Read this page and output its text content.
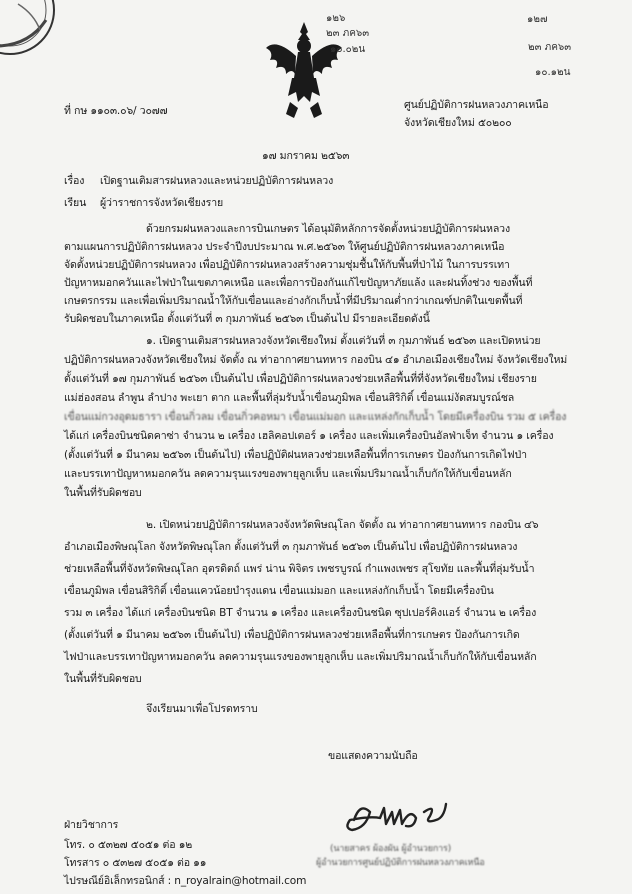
๑๒๖
๒๓ ภค๖๓
๑๐.๐๒น
๑๒๗
๒๓ ภค๖๓
๑๐.๑๒น
ที่ กษ ๑๑๐๓.๐๖/ ว๐๗๗	ศูนย์ปฏิบัติการฝนหลวงภาคเหนือ
จังหวัดเชียงใหม่ ๕๐๒๐๐
๑๗ มกราคม ๒๕๖๓
เรื่อง เปิดฐานเติมสารฝนหลวงและหน่วยปฏิบัติการฝนหลวง
เรียน ผู้ว่าราชการจังหวัดเชียงราย
ด้วยกรมฝนหลวงและการบินเกษตร ได้อนุมัติหลักการจัดตั้งหน่วยปฏิบัติการฝนหลวง
ตามแผนการปฏิบัติการฝนหลวง ประจำปีงบประมาณ พ.ศ.๒๕๖๓ ให้ศูนย์ปฏิบัติการฝนหลวงภาคเหนือ
จัดตั้งหน่วยปฏิบัติการฝนหลวง เพื่อปฏิบัติการฝนหลวงสร้างความชุ่มชื้นให้กับพื้นที่ป่าไม้ ในการบรรเทา
ปัญหาหมอกควันและไฟป่าในเขตภาคเหนือ และเพื่อการป้องกันแก้ไขปัญหาภัยแล้ง และฝนทิ้งช่วง ของพื้นที่
เกษตรกรรม และเพื่อเพิ่มปริมาณน้ำให้กับเขื่อนและอ่างกักเก็บน้ำที่มีปริมาณต่ำกว่าเกณฑ์ปกติในเขตพื้นที่
รับผิดชอบในภาคเหนือ ตั้งแต่วันที่ ๓ กุมภาพันธ์ ๒๕๖๓ เป็นต้นไป มีรายละเอียดดังนี้
๑. เปิดฐานเติมสารฝนหลวงจังหวัดเชียงใหม่ ตั้งแต่วันที่ ๓ กุมภาพันธ์ ๒๕๖๓ และเปิดหน่วย
ปฏิบัติการฝนหลวงจังหวัดเชียงใหม่ จัดตั้ง ณ ท่าอากาศยานทหาร กองบิน ๔๑ อำเภอเมืองเชียงใหม่ จังหวัดเชียงใหม่
ตั้งแต่วันที่ ๑๗ กุมภาพันธ์ ๒๕๖๓ เป็นต้นไป เพื่อปฏิบัติการฝนหลวงช่วยเหลือพื้นที่ที่จังหวัดเชียงใหม่ เชียงราย
แม่ฮ่องสอน ลำพูน ลำปาง พะเยา ตาก และพื้นที่ลุ่มรับน้ำเขื่อนภูมิพล เขื่อนสิริกิติ์ เขื่อนแม่งัดสมบูรณ์ชล
เขื่อนแม่กวงอุดมธารา เขื่อนกิ่วลม เขื่อนกิ่วคอหมา เขื่อนแม่มอก และแหล่งกักเก็บน้ำ โดยมีเครื่องบิน รวม ๕ เครื่อง
ได้แก่ เครื่องบินชนิดคาซ่า จำนวน ๒ เครื่อง เฮลิคอปเตอร์ ๑ เครื่อง และเพิ่มเครื่องบินอัลฟ่าเจ็ท จำนวน ๑ เครื่อง
(ตั้งแต่วันที่ ๑ มีนาคม ๒๕๖๓ เป็นต้นไป) เพื่อปฏิบัติฝนหลวงช่วยเหลือพื้นที่การเกษตร ป้องกันการเกิดไฟป่า
และบรรเทาปัญหาหมอกควัน ลดความรุนแรงของพายุลูกเห็บ และเพิ่มปริมาณน้ำเก็บกักให้กับเขื่อนหลัก
ในพื้นที่รับผิดชอบ
๒. เปิดหน่วยปฏิบัติการฝนหลวงจังหวัดพิษณุโลก จัดตั้ง ณ ท่าอากาศยานทหาร กองบิน ๔๖
อำเภอเมืองพิษณุโลก จังหวัดพิษณุโลก ตั้งแต่วันที่ ๓ กุมภาพันธ์ ๒๕๖๓ เป็นต้นไป เพื่อปฏิบัติการฝนหลวง
ช่วยเหลือพื้นที่จังหวัดพิษณุโลก อุตรดิตถ์ แพร่ น่าน พิจิตร เพชรบูรณ์ กำแพงเพชร สุโขทัย และพื้นที่ลุ่มรับน้ำ
เขื่อนภูมิพล เขื่อนสิริกิติ์ เขื่อนแควน้อยบำรุงแดน เขื่อนแม่มอก และแหล่งกักเก็บน้ำ โดยมีเครื่องบิน
รวม ๓ เครื่อง ได้แก่ เครื่องบินชนิด BT จำนวน ๑ เครื่อง และเครื่องบินชนิด ซุปเปอร์คิงแอร์ จำนวน ๒ เครื่อง
(ตั้งแต่วันที่ ๑ มีนาคม ๒๕๖๓ เป็นต้นไป) เพื่อปฏิบัติการฝนหลวงช่วยเหลือพื้นที่การเกษตร ป้องกันการเกิด
ไฟป่าและบรรเทาปัญหาหมอกควัน ลดความรุนแรงของพายุลูกเห็บ และเพิ่มปริมาณน้ำเก็บกักให้กับเขื่อนหลัก
ในพื้นที่รับผิดชอบ
จึงเรียนมาเพื่อโปรดทราบ
ขอแสดงความนับถือ
(นายสาคร ผ้องผัน ผู้อำนวยการ)
ผู้อำนวยการศูนย์ปฏิบัติการฝนหลวงภาคเหนือ
ฝ่ายวิชาการ
โทร. ๐ ๕๓๒๗ ๕๐๕๑ ต่อ ๑๒
โทรสาร ๐ ๕๓๒๗ ๕๐๕๑ ต่อ ๑๑
ไปรษณีย์อิเล็กทรอนิกส์ : n_royalrain@hotmail.com
